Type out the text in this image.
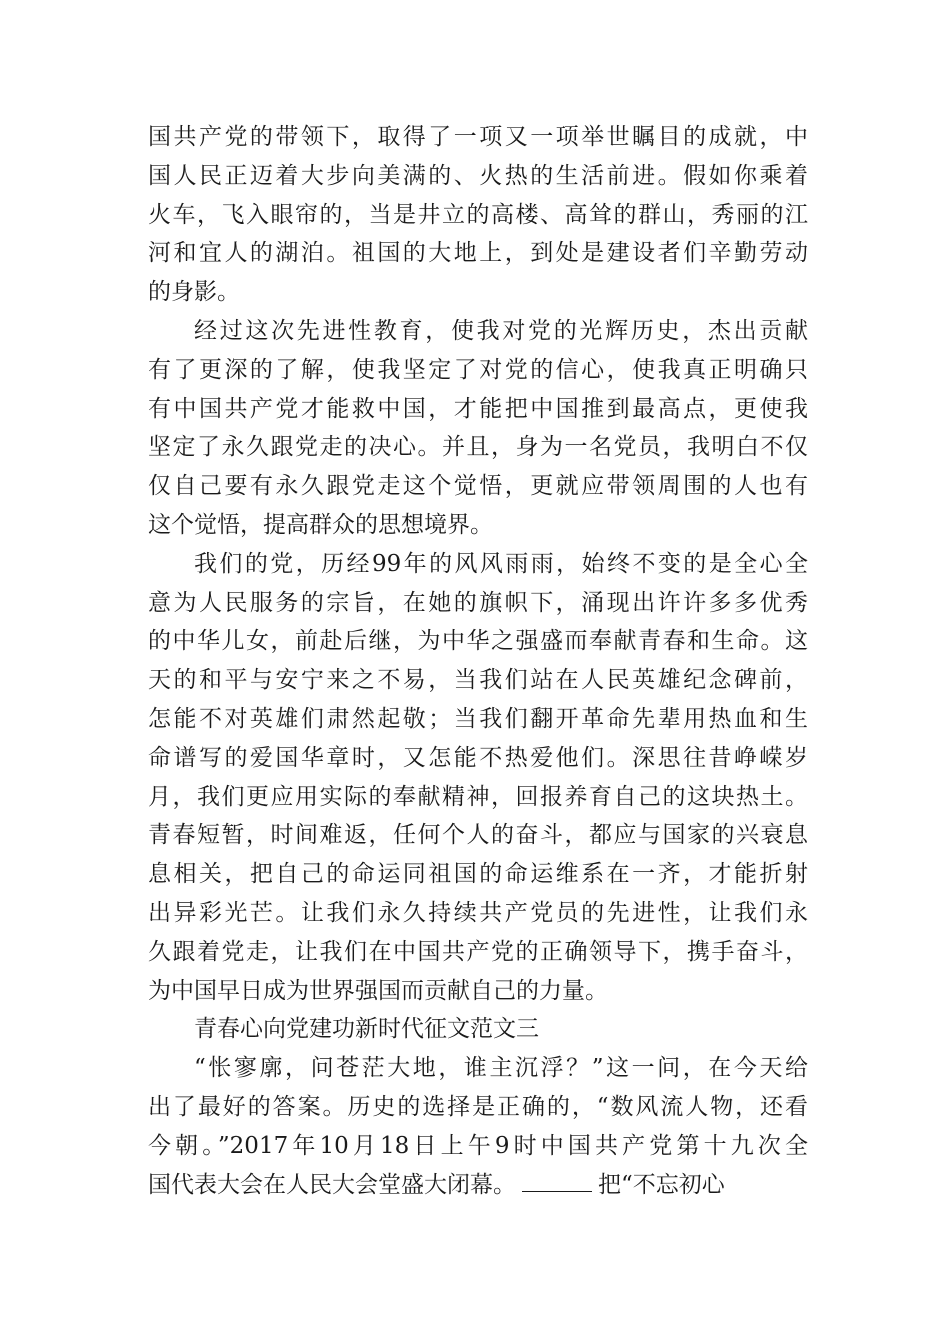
国共产党的带领下，取得了一项又一项举世瞩目的成就，中
国人民正迈着大步向美满的、火热的生活前进。假如你乘着
火车，飞入眼帘的，当是井立的高楼、高耸的群山，秀丽的江
河和宜人的湖泊。祖国的大地上，到处是建设者们辛勤劳动
的身影。
经过这次先进性教育，使我对党的光辉历史，杰出贡献
有了更深的了解，使我坚定了对党的信心，使我真正明确只
有中国共产党才能救中国，才能把中国推到最高点，更使我
坚定了永久跟党走的决心。并且，身为一名党员，我明白不仅
仅自己要有永久跟党走这个觉悟，更就应带领周围的人也有
这个觉悟，提高群众的思想境界。
我们的党，历经99年的风风雨雨，始终不变的是全心全
意为人民服务的宗旨，在她的旗帜下，涌现出许许多多优秀
的中华儿女，前赴后继，为中华之强盛而奉献青春和生命。这
天的和平与安宁来之不易，当我们站在人民英雄纪念碑前，
怎能不对英雄们肃然起敬；当我们翻开革命先辈用热血和生
命谱写的爱国华章时，又怎能不热爱他们。深思往昔峥嵘岁
月，我们更应用实际的奉献精神，回报养育自己的这块热土。
青春短暂，时间难返，任何个人的奋斗，都应与国家的兴衰息
息相关，把自己的命运同祖国的命运维系在一齐，才能折射
出异彩光芒。让我们永久持续共产党员的先进性，让我们永
久跟着党走，让我们在中国共产党的正确领导下，携手奋斗，
为中国早日成为世界强国而贡献自己的力量。
青春心向党建功新时代征文范文三
“怅寥廓，问苍茫大地，谁主沉浮？”这一问，在今天给
出了最好的答案。历史的选择是正确的，“数风流人物，还看
今朝。”2017年10月18日上午9时中国共产党第十九次全
国代表大会在人民大会堂盛大闭幕。	把“不忘初心
